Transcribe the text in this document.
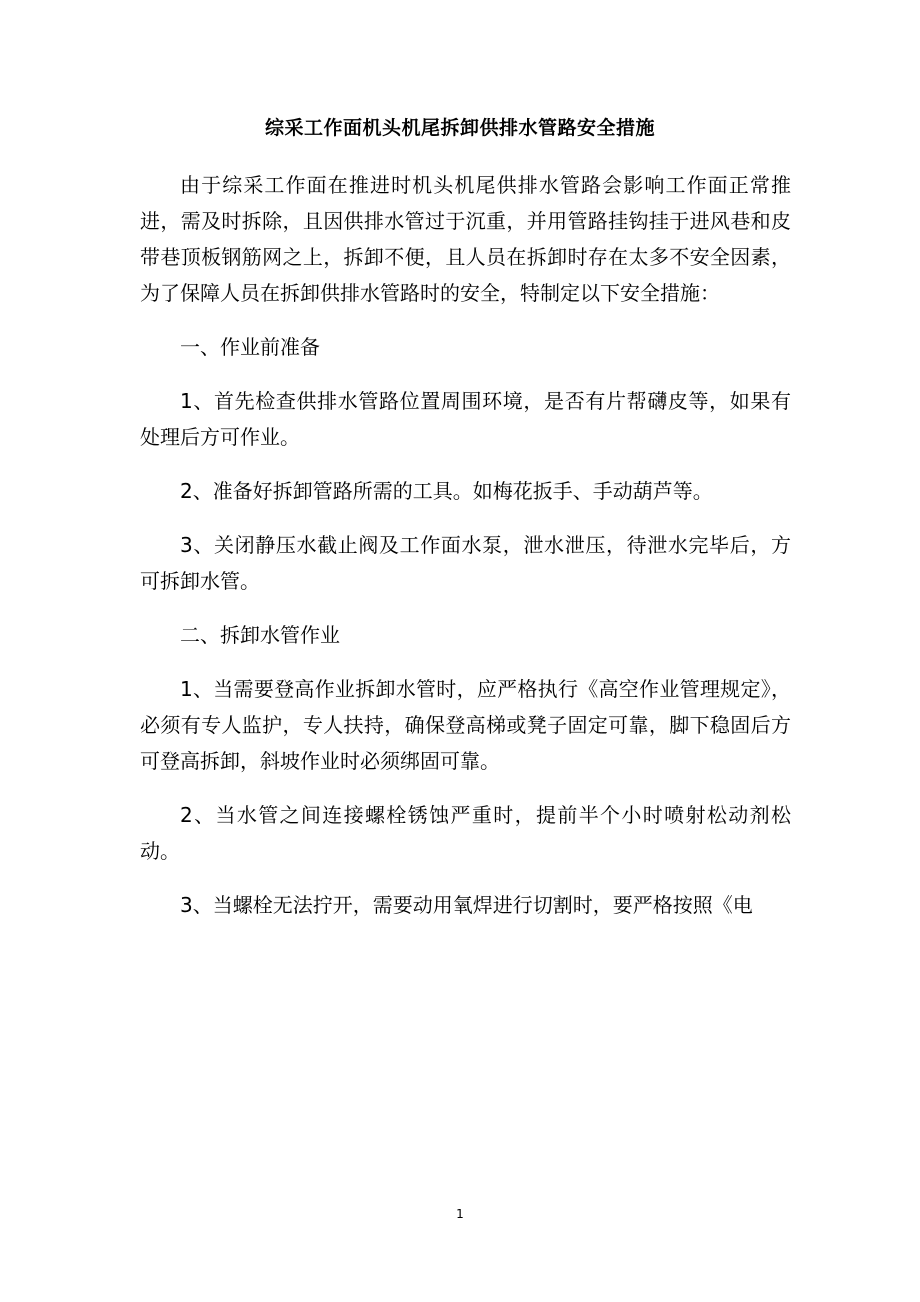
综采工作面机头机尾拆卸供排水管路安全措施

由于综采工作面在推进时机头机尾供排水管路会影响工作面正常推进，需及时拆除，且因供排水管过于沉重，并用管路挂钩挂于进风巷和皮带巷顶板钢筋网之上，拆卸不便，且人员在拆卸时存在太多不安全因素，为了保障人员在拆卸供排水管路时的安全，特制定以下安全措施：

一、作业前准备

1、首先检查供排水管路位置周围环境，是否有片帮礴皮等，如果有处理后方可作业。

2、准备好拆卸管路所需的工具。如梅花扳手、手动葫芦等。

3、关闭静压水截止阀及工作面水泵，泄水泄压，待泄水完毕后，方可拆卸水管。

二、拆卸水管作业

1、当需要登高作业拆卸水管时，应严格执行《高空作业管理规定》，必须有专人监护，专人扶持，确保登高梯或凳子固定可靠，脚下稳固后方可登高拆卸，斜坡作业时必须绑固可靠。

2、当水管之间连接螺栓锈蚀严重时，提前半个小时喷射松动剂松动。

3、当螺栓无法拧开，需要动用氧焊进行切割时，要严格按照《电

1
